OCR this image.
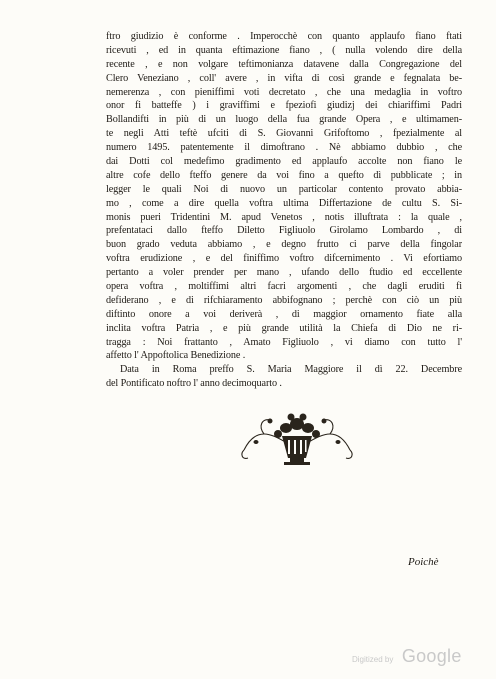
ftro giudizio è conforme . Imperocchè con quanto applaufo fiano ftati
ricevuti , ed in quanta eftimazione fiano , ( nulla volendo dire della
recente , e non volgare teftimonianza datavene dalla Congregazione del
Clero Veneziano , coll' avere , in vifta di così grande e fegnalata be-
nemerenza , con pieniffimi voti decretato , che una medaglia in voftro
onor fi batteffe ) i graviffimi e fpeziofi giudizj dei chiariffimi Padri
Bollandifti in più di un luogo della fua grande Opera , e ultimamen-
te negli Atti teftè ufciti di S. Giovanni Grifoftomo , fpezialmente al
numero 1495. patentemente il dimoftrano . Nè abbiamo dubbio , che
dai Dotti col medefimo gradimento ed applaufo accolte non fiano le
altre cofe dello fteffo genere da voi fino a quefto dì pubblicate ; in
legger le quali Noi di nuovo un particolar contento provato abbia-
mo , come a dire quella voftra ultima Differtazione de cultu S. Si-
monis pueri Tridentini M. apud Venetos , notis illuftrata : la quale ,
prefentataci dallo fteffo Diletto Figliuolo Girolamo Lombardo , di
buon grado veduta abbiamo , e degno frutto ci parve della fingolar
voftra erudizione , e del finiffimo voftro difcernimento . Vi efortiamo
pertanto a voler prender per mano , ufando dello ftudio ed eccellente
opera voftra , moltiffimi altri facri argomenti , che dagli eruditi fi
defiderano , e di rifchiaramento abbifognano ; perchè con ciò un più
diftinto onore a voi deriverà , di maggior ornamento fiate alla
inclita voftra Patria , e più grande utilità la Chiefa di Dio ne ri-
tragga : Noi frattanto , Amato Figliuolo , vi diamo con tutto l'
affetto l' Appoftolica Benedizione .
Data in Roma preffo S. Maria Maggiore il dì 22. Decembre
del Pontificato noftro l' anno decimoquarto .
Poichè
Digitized by Google
